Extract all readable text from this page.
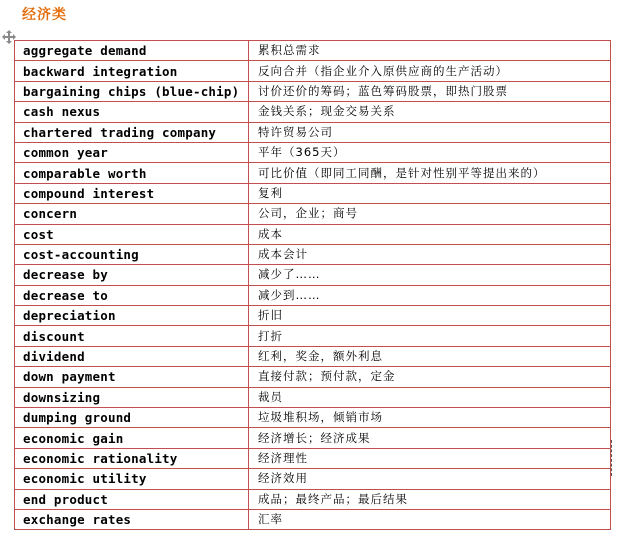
经济类
aggregate demand	累积总需求
backward integration	反向合并（指企业介入原供应商的生产活动）
bargaining chips (blue-chip)	讨价还价的筹码；蓝色筹码股票，即热门股票
cash nexus	金钱关系；现金交易关系
chartered trading company	特许贸易公司
common year	平年（365天）
comparable worth	可比价值（即同工同酬，是针对性别平等提出来的）
compound interest	复利
concern	公司，企业；商号
cost	成本
cost-accounting	成本会计
decrease by	减少了……
decrease to	减少到……
depreciation	折旧
discount	打折
dividend	红利，奖金，额外利息
down payment	直接付款；预付款，定金
downsizing	裁员
dumping ground	垃圾堆积场，倾销市场
economic gain	经济增长；经济成果
economic rationality	经济理性
economic utility	经济效用
end product	成品；最终产品；最后结果
exchange rates	汇率
